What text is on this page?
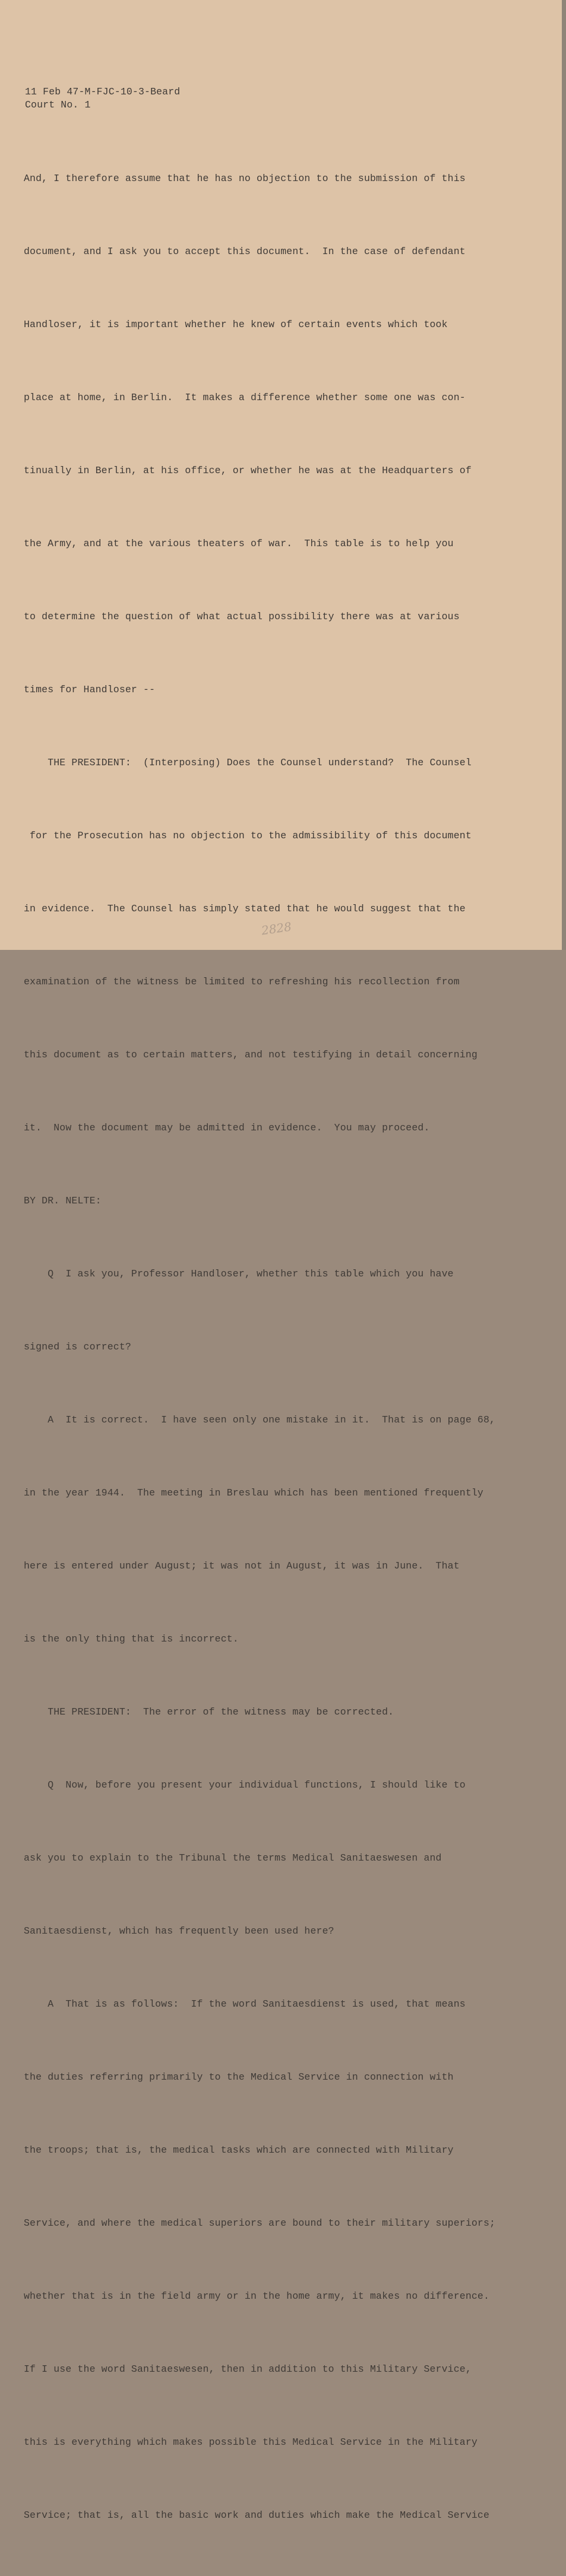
11 Feb 47-M-FJC-10-3-Beard
Court No. 1

And, I therefore assume that he has no objection to the submission of this

document, and I ask you to accept this document.  In the case of defendant

Handloser, it is important whether he knew of certain events which took

place at home, in Berlin.  It makes a difference whether some one was con-

tinually in Berlin, at his office, or whether he was at the Headquarters of

the Army, and at the various theaters of war.  This table is to help you

to determine the question of what actual possibility there was at various

times for Handloser --

THE PRESIDENT:  (Interposing) Does the Counsel understand?  The Counsel

for the Prosecution has no objection to the admissibility of this document

in evidence.  The Counsel has simply stated that he would suggest that the

examination of the witness be limited to refreshing his recollection from

this document as to certain matters, and not testifying in detail concerning

it.  Now the document may be admitted in evidence.  You may proceed.

BY DR. NELTE:

Q  I ask you, Professor Handloser, whether this table which you have

signed is correct?

A  It is correct.  I have seen only one mistake in it.  That is on page 68,

in the year 1944.  The meeting in Breslau which has been mentioned frequently

here is entered under August; it was not in August, it was in June.  That

is the only thing that is incorrect.

THE PRESIDENT:  The error of the witness may be corrected.

Q  Now, before you present your individual functions, I should like to

ask you to explain to the Tribunal the terms Medical Sanitaeswesen and

Sanitaesdienst, which has frequently been used here?

A  That is as follows:  If the word Sanitaesdienst is used, that means

the duties referring primarily to the Medical Service in connection with

the troops; that is, the medical tasks which are connected with Military

Service, and where the medical superiors are bound to their military superiors;

whether that is in the field army or in the home army, it makes no difference.

If I use the word Sanitaeswesen, then in addition to this Military Service,

this is everything which makes possible this Medical Service in the Military

Service; that is, all the basic work and duties which make the Medical Service

2828
